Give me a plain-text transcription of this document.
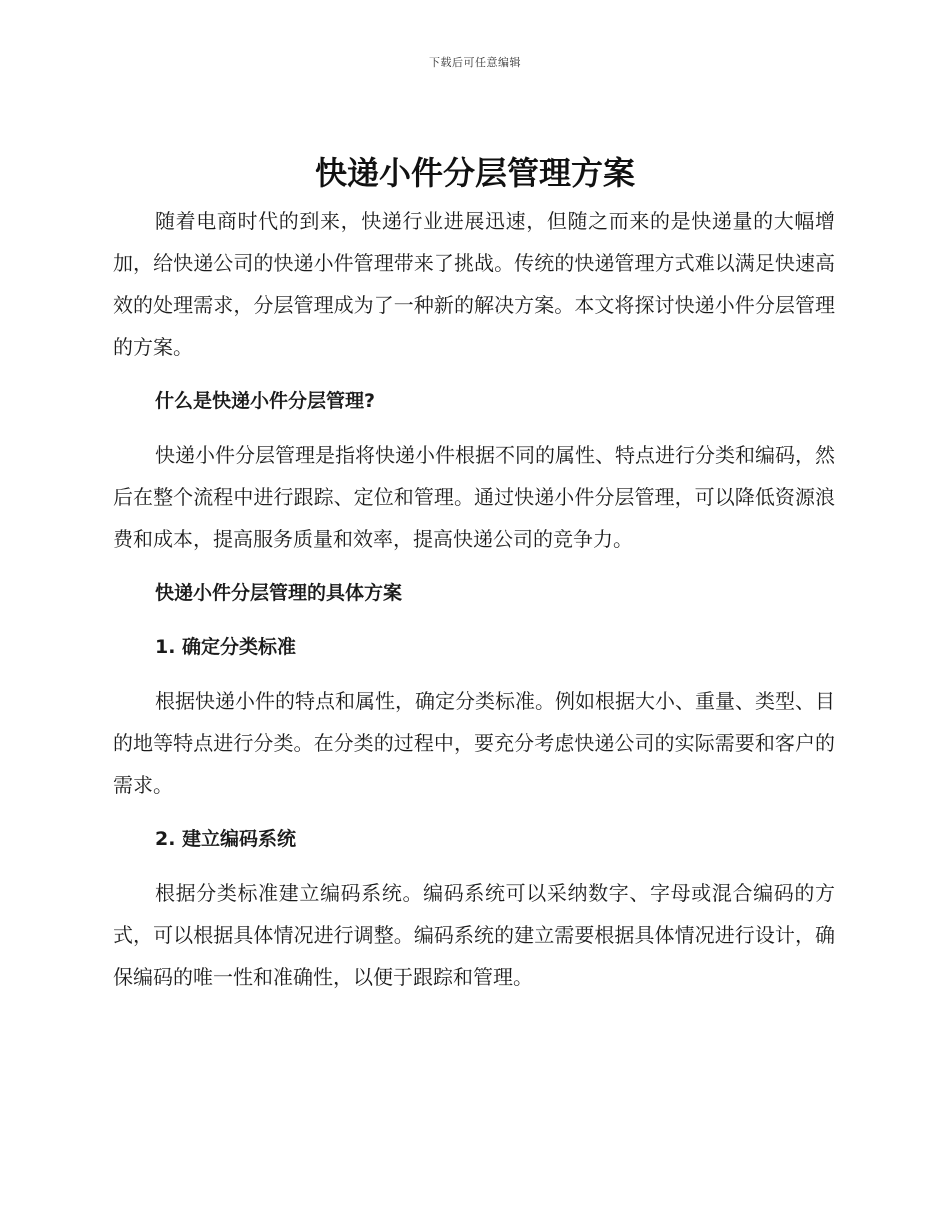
下载后可任意编辑
快递小件分层管理方案

随着电商时代的到来，快递行业进展迅速，但随之而来的是快递量的大幅增加，给快递公司的快递小件管理带来了挑战。传统的快递管理方式难以满足快速高效的处理需求，分层管理成为了一种新的解决方案。本文将探讨快递小件分层管理的方案。

什么是快递小件分层管理?

快递小件分层管理是指将快递小件根据不同的属性、特点进行分类和编码，然后在整个流程中进行跟踪、定位和管理。通过快递小件分层管理，可以降低资源浪费和成本，提高服务质量和效率，提高快递公司的竞争力。

快递小件分层管理的具体方案
1. 确定分类标准

根据快递小件的特点和属性，确定分类标准。例如根据大小、重量、类型、目的地等特点进行分类。在分类的过程中，要充分考虑快递公司的实际需要和客户的需求。

2. 建立编码系统

根据分类标准建立编码系统。编码系统可以采纳数字、字母或混合编码的方式，可以根据具体情况进行调整。编码系统的建立需要根据具体情况进行设计，确保编码的唯一性和准确性，以便于跟踪和管理。
